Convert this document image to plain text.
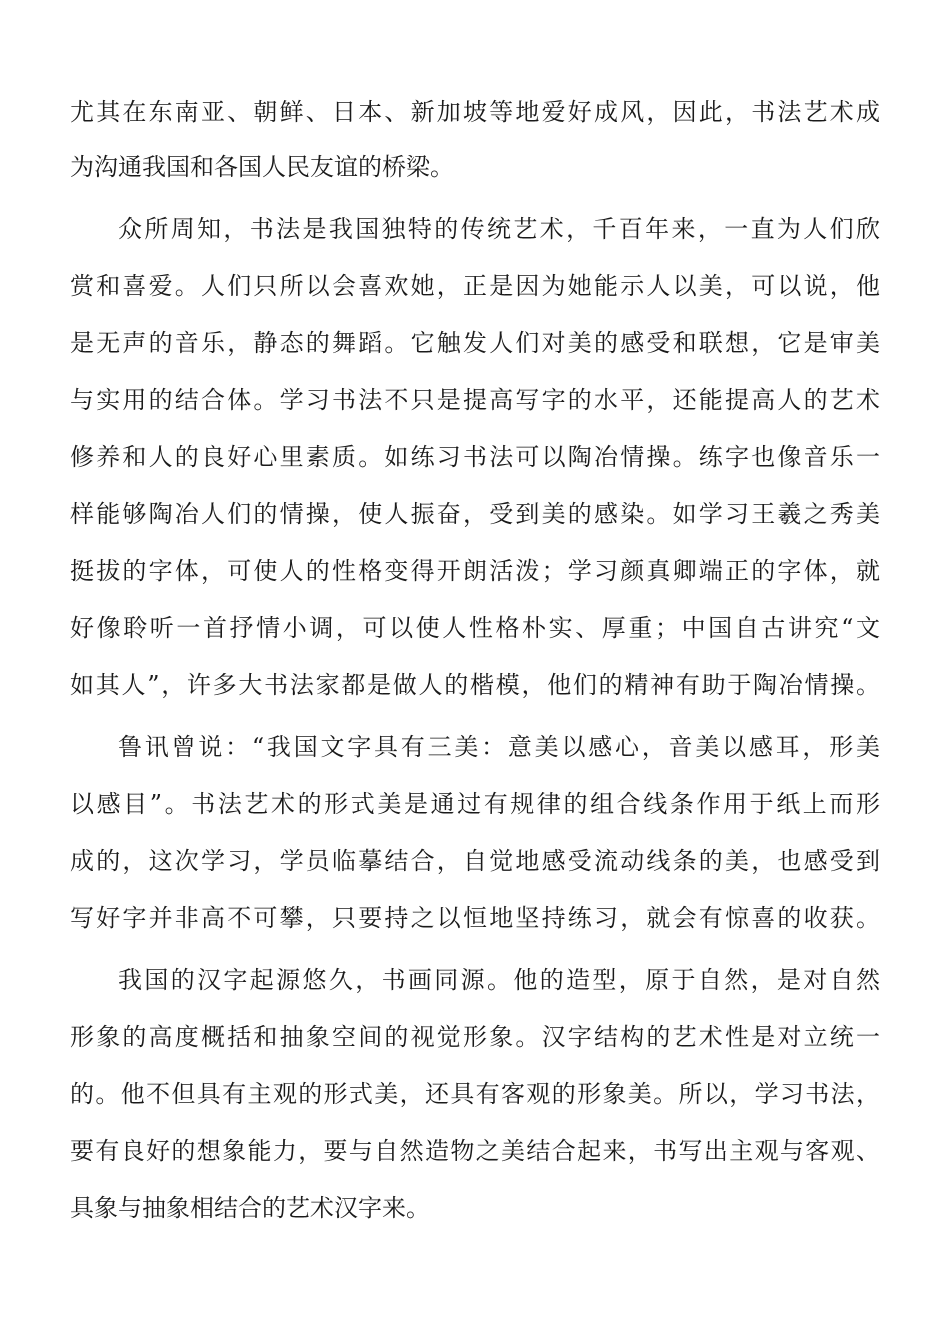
尤其在东南亚、朝鲜、日本、新加坡等地爱好成风，因此，书法艺术成
为沟通我国和各国人民友谊的桥梁。
众所周知，书法是我国独特的传统艺术，千百年来，一直为人们欣
赏和喜爱。人们只所以会喜欢她，正是因为她能示人以美，可以说，他
是无声的音乐，静态的舞蹈。它触发人们对美的感受和联想，它是审美
与实用的结合体。学习书法不只是提高写字的水平，还能提高人的艺术
修养和人的良好心里素质。如练习书法可以陶冶情操。练字也像音乐一
样能够陶冶人们的情操，使人振奋，受到美的感染。如学习王羲之秀美
挺拔的字体，可使人的性格变得开朗活泼；学习颜真卿端正的字体，就
好像聆听一首抒情小调，可以使人性格朴实、厚重；中国自古讲究“文
如其人”，许多大书法家都是做人的楷模，他们的精神有助于陶冶情操。
鲁讯曾说：“我国文字具有三美：意美以感心，音美以感耳，形美
以感目”。书法艺术的形式美是通过有规律的组合线条作用于纸上而形
成的，这次学习，学员临摹结合，自觉地感受流动线条的美，也感受到
写好字并非高不可攀，只要持之以恒地坚持练习，就会有惊喜的收获。
我国的汉字起源悠久，书画同源。他的造型，原于自然，是对自然
形象的高度概括和抽象空间的视觉形象。汉字结构的艺术性是对立统一
的。他不但具有主观的形式美，还具有客观的形象美。所以，学习书法，
要有良好的想象能力，要与自然造物之美结合起来，书写出主观与客观、
具象与抽象相结合的艺术汉字来。
